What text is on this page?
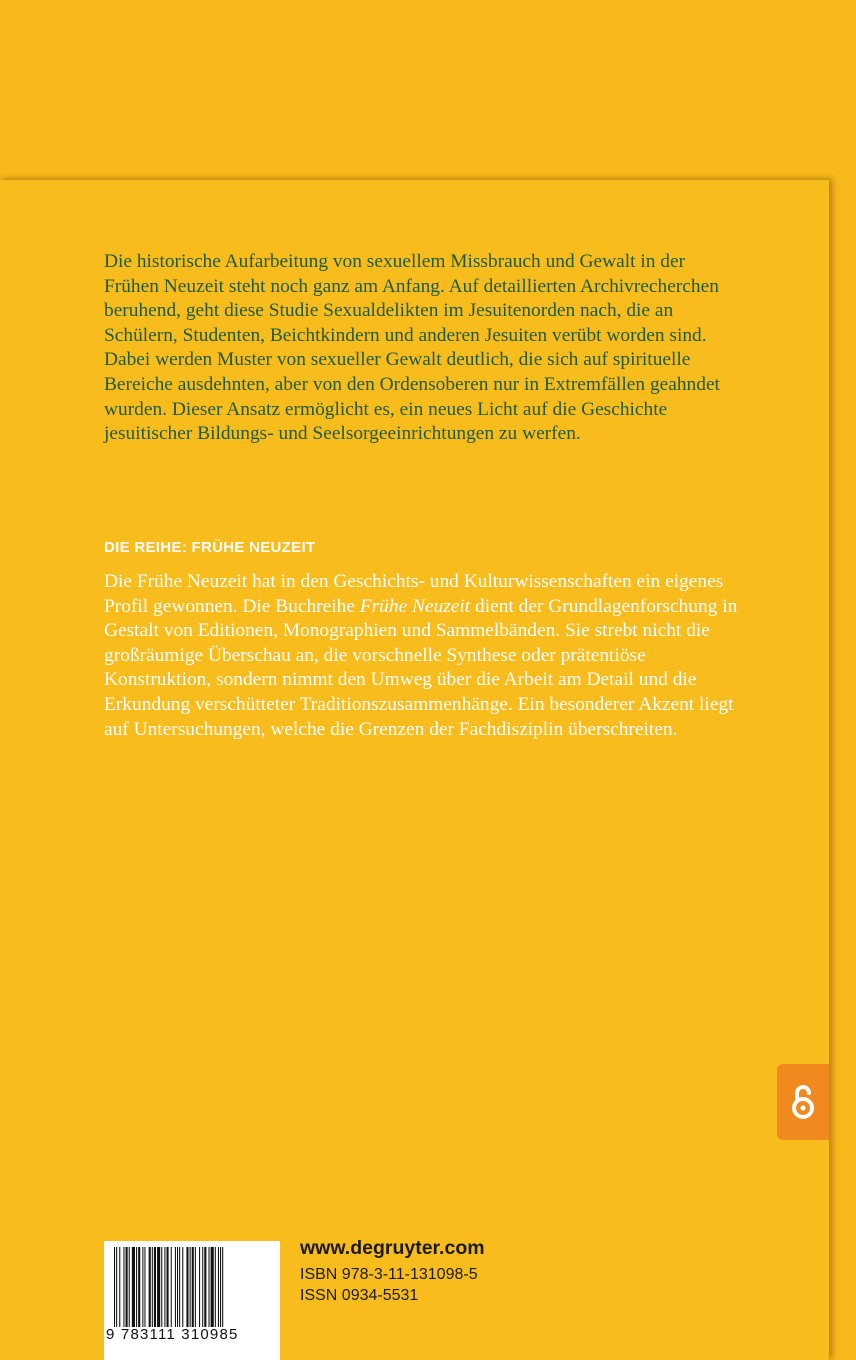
Die historische Aufarbeitung von sexuellem Missbrauch und Gewalt in der Frühen Neuzeit steht noch ganz am Anfang. Auf detaillierten Archivrecherchen beruhend, geht diese Studie Sexualdelikten im Jesuitenorden nach, die an Schülern, Studenten, Beichtkindern und anderen Jesuiten verübt worden sind. Dabei werden Muster von sexueller Gewalt deutlich, die sich auf spirituelle Bereiche ausdehnten, aber von den Ordensoberen nur in Extremfällen geahndet wurden. Dieser Ansatz ermöglicht es, ein neues Licht auf die Geschichte jesuitischer Bildungs- und Seelsorgeeinrichtungen zu werfen.

DIE REIHE: FRÜHE NEUZEIT

Die Frühe Neuzeit hat in den Geschichts- und Kulturwissenschaften ein eigenes Profil gewonnen. Die Buchreihe Frühe Neuzeit dient der Grundlagenforschung in Gestalt von Editionen, Monographien und Sammelbänden. Sie strebt nicht die großräumige Überschau an, die vorschnelle Synthese oder prätentiöse Konstruktion, sondern nimmt den Umweg über die Arbeit am Detail und die Erkundung verschütteter Traditionszusammenhänge. Ein besonderer Akzent liegt auf Untersuchungen, welche die Grenzen der Fachdisziplin überschreiten.

9 783111 310985

www.degruyter.com

ISBN 978-3-11-131098-5

ISSN 0934-5531
